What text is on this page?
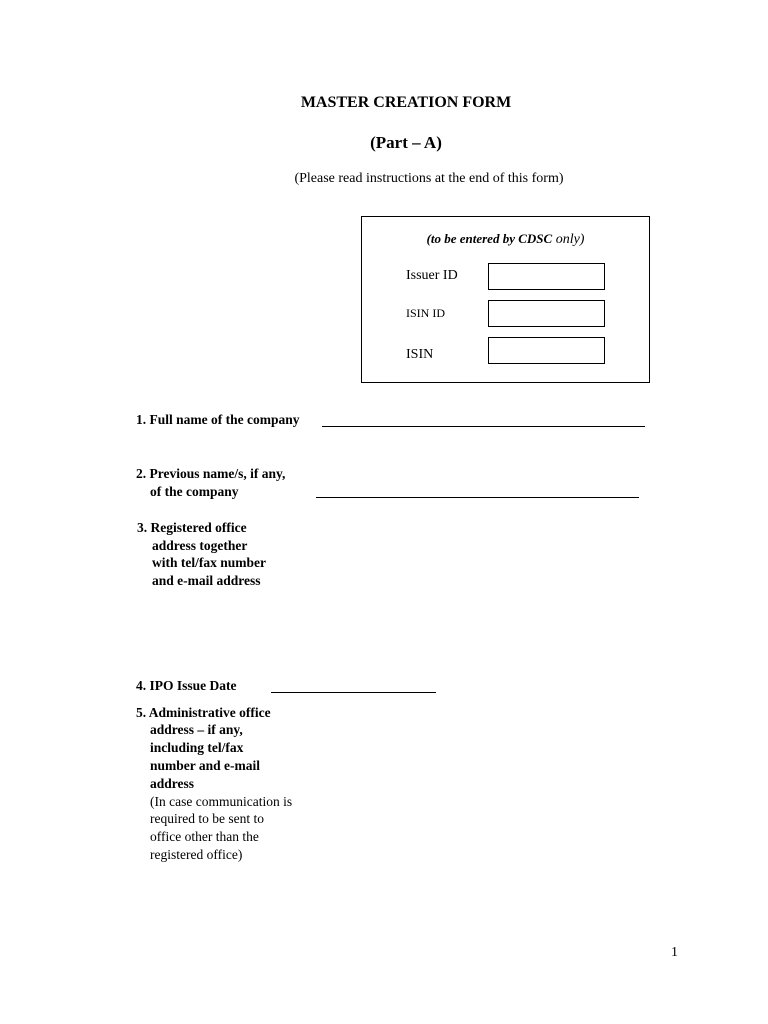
MASTER CREATION FORM
(Part – A)
(Please read instructions at the end of this form)
(to be entered by CDSC only)
Issuer ID
ISIN ID
ISIN
1. Full name of the company
2. Previous name/s, if any,
of the company
3. Registered office
address together
with tel/fax number
and e-mail address
4. IPO Issue Date
5. Administrative office
address – if any,
including tel/fax
number and e-mail
address
(In case communication is
required to be sent to
office other than the
registered office)
1
